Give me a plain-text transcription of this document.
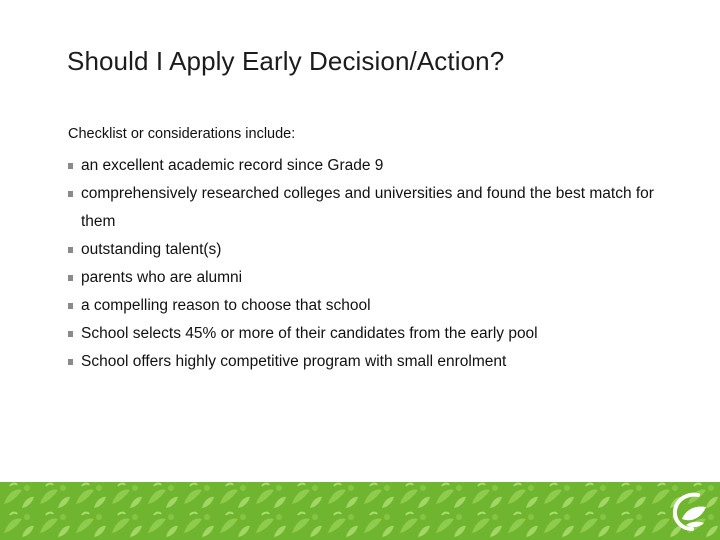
Should I Apply Early Decision/Action?

Checklist or considerations include:

an excellent academic record since Grade 9
comprehensively researched colleges and universities and found the best match for them
outstanding talent(s)
parents who are alumni
a compelling reason to choose that school
School selects 45% or more of their candidates from the early pool
School offers highly competitive program with small enrolment
